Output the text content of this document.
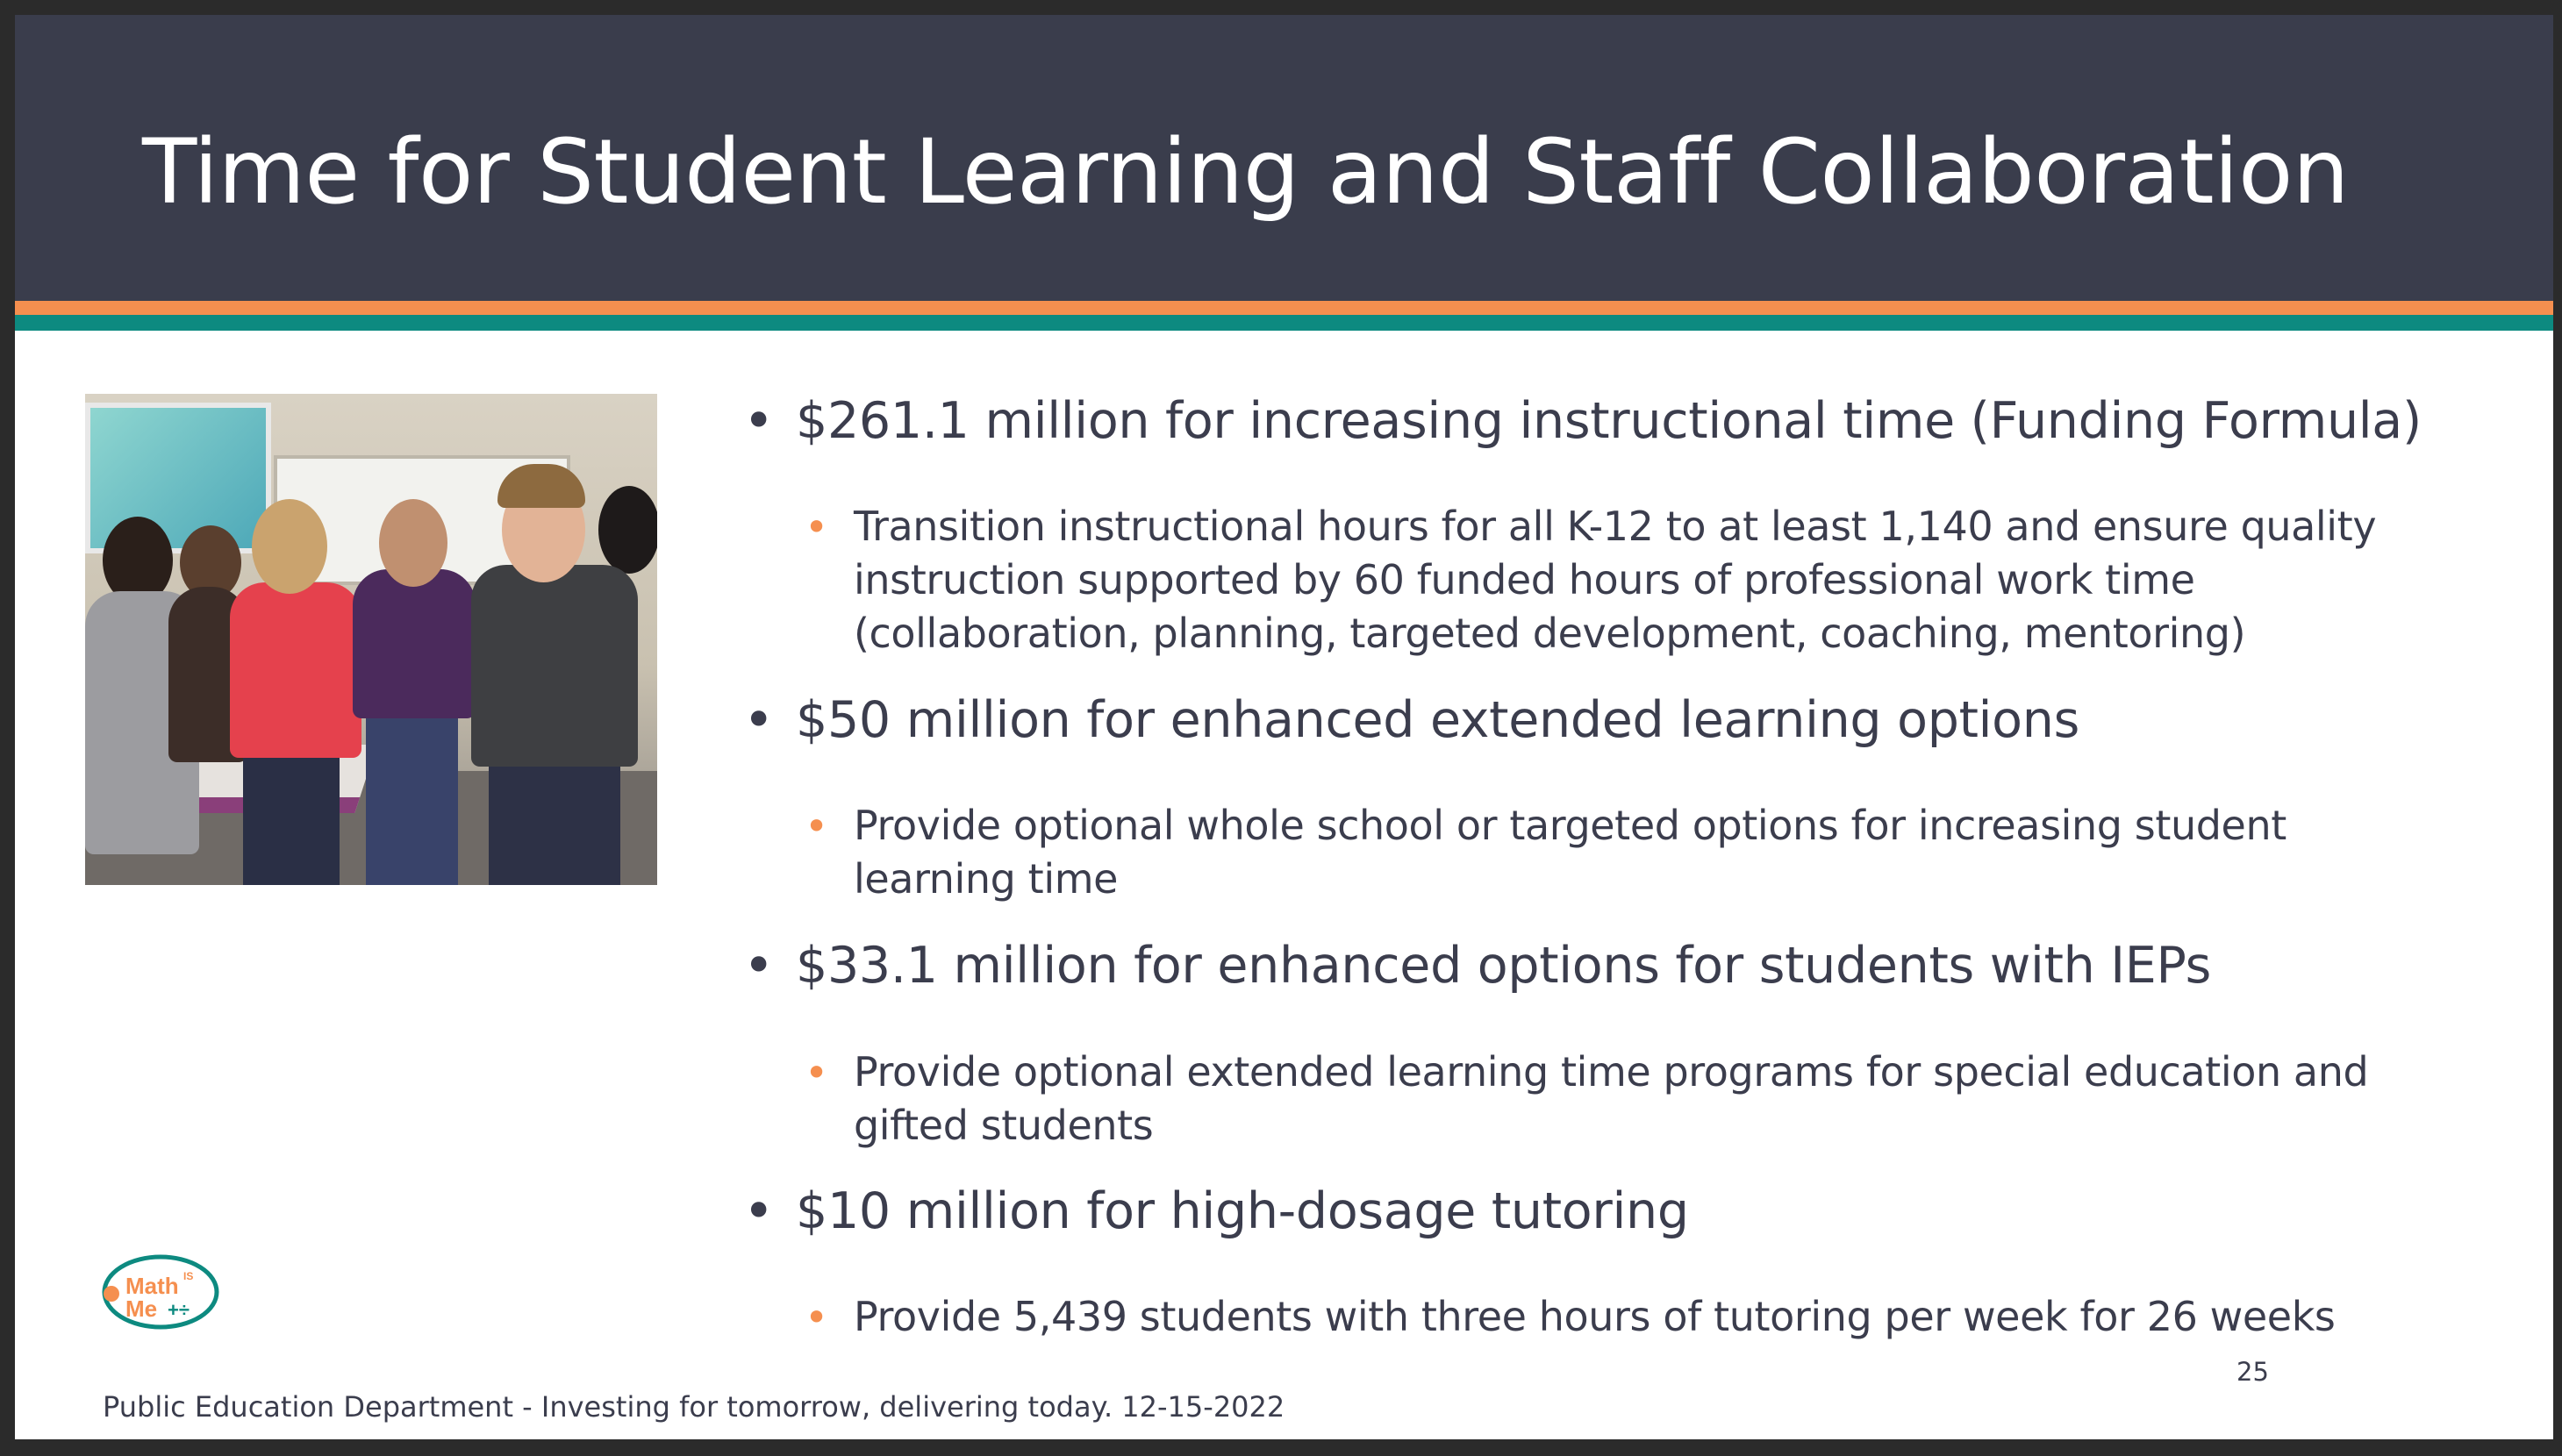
Time for Student Learning and Staff Collaboration
• $261.1 million for increasing instructional time (Funding Formula)
• Transition instructional hours for all K-12 to at least 1,140 and ensure quality instruction supported by 60 funded hours of professional work time (collaboration, planning, targeted development, coaching, mentoring)
• $50 million for enhanced extended learning options
• Provide optional whole school or targeted options for increasing student learning time
• $33.1 million for enhanced options for students with IEPs
• Provide optional extended learning time programs for special education and gifted students
• $10 million for high-dosage tutoring
• Provide 5,439 students with three hours of tutoring per week for 26 weeks
Math IS
Me +÷
Public Education Department - Investing for tomorrow, delivering today. 12-15-2022
25
